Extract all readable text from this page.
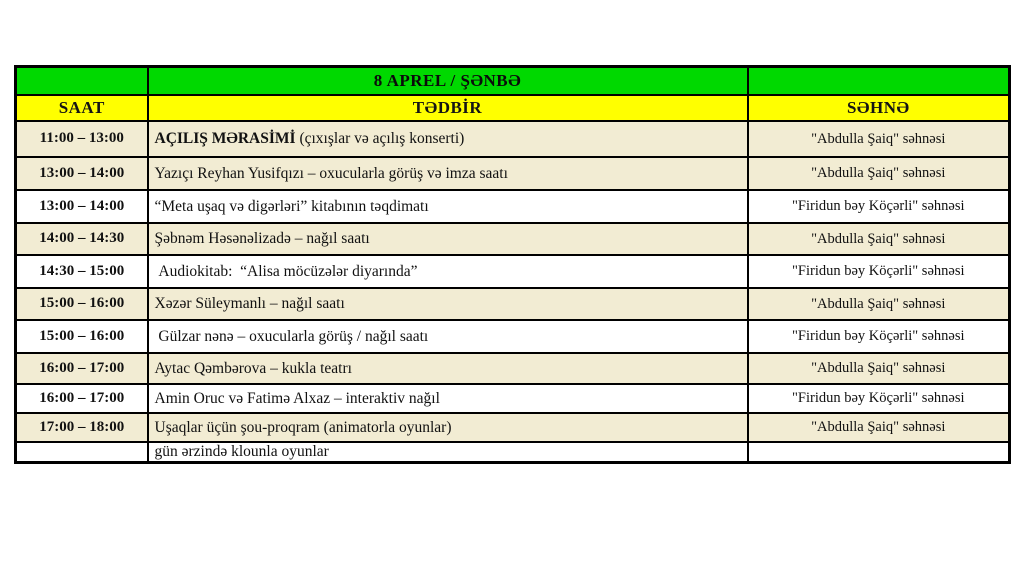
	8 APREL / ŞƏNBƏ	
SAAT	TƏDBİR	SƏHNƏ
11:00 – 13:00	AÇILIŞ MƏRASİMİ (çıxışlar və açılış konserti)	"Abdulla Şaiq" səhnəsi
13:00 – 14:00	Yazıçı Reyhan Yusifqızı – oxucularla görüş və imza saatı	"Abdulla Şaiq" səhnəsi
13:00 – 14:00	“Meta uşaq və digərləri” kitabının təqdimatı	"Firidun bəy Köçərli" səhnəsi
14:00 – 14:30	Şəbnəm Həsənəlizadə – nağıl saatı	"Abdulla Şaiq" səhnəsi
14:30 – 15:00	Audiokitab:  “Alisa möcüzələr diyarında”	"Firidun bəy Köçərli" səhnəsi
15:00 – 16:00	Xəzər Süleymanlı – nağıl saatı	"Abdulla Şaiq" səhnəsi
15:00 – 16:00	Gülzar nənə – oxucularla görüş / nağıl saatı	"Firidun bəy Köçərli" səhnəsi
16:00 – 17:00	Aytac Qəmbərova – kukla teatrı	"Abdulla Şaiq" səhnəsi
16:00 – 17:00	Amin Oruc və Fatimə Alxaz – interaktiv nağıl	"Firidun bəy Köçərli" səhnəsi
17:00 – 18:00	Uşaqlar üçün şou-proqram (animatorla oyunlar)	"Abdulla Şaiq" səhnəsi
	gün ərzində klounla oyunlar	
